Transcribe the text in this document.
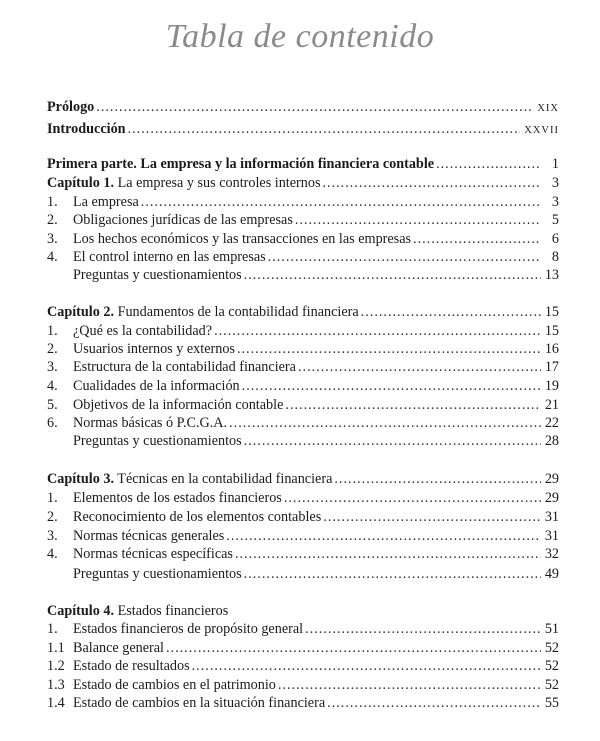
Tabla de contenido
Prólogo .....	XIX
Introducción .....	XXVII
Primera parte. La empresa y la información financiera contable .....	1
Capítulo 1. La empresa y sus controles internos .....	3
1.	La empresa .....	3
2.	Obligaciones jurídicas de las empresas .....	5
3.	Los hechos económicos y las transacciones en las empresas .....	6
4.	El control interno en las empresas .....	8
Preguntas y cuestionamientos .....	13
Capítulo 2. Fundamentos de la contabilidad financiera .....	15
1.	¿Qué es la contabilidad? .....	15
2.	Usuarios internos y externos .....	16
3.	Estructura de la contabilidad financiera .....	17
4.	Cualidades de la información .....	19
5.	Objetivos de la información contable .....	21
6.	Normas básicas ó P.C.G.A. .....	22
Preguntas y cuestionamientos .....	28
Capítulo 3. Técnicas en la contabilidad financiera .....	29
1.	Elementos de los estados financieros .....	29
2.	Reconocimiento de los elementos contables .....	31
3.	Normas técnicas generales .....	31
4.	Normas técnicas específicas .....	32
Preguntas y cuestionamientos .....	49
Capítulo 4. Estados financieros
1.	Estados financieros de propósito general .....	51
1.1 Balance general .....	52
1.2 Estado de resultados .....	52
1.3 Estado de cambios en el patrimonio .....	52
1.4 Estado de cambios en la situación financiera .....	55
